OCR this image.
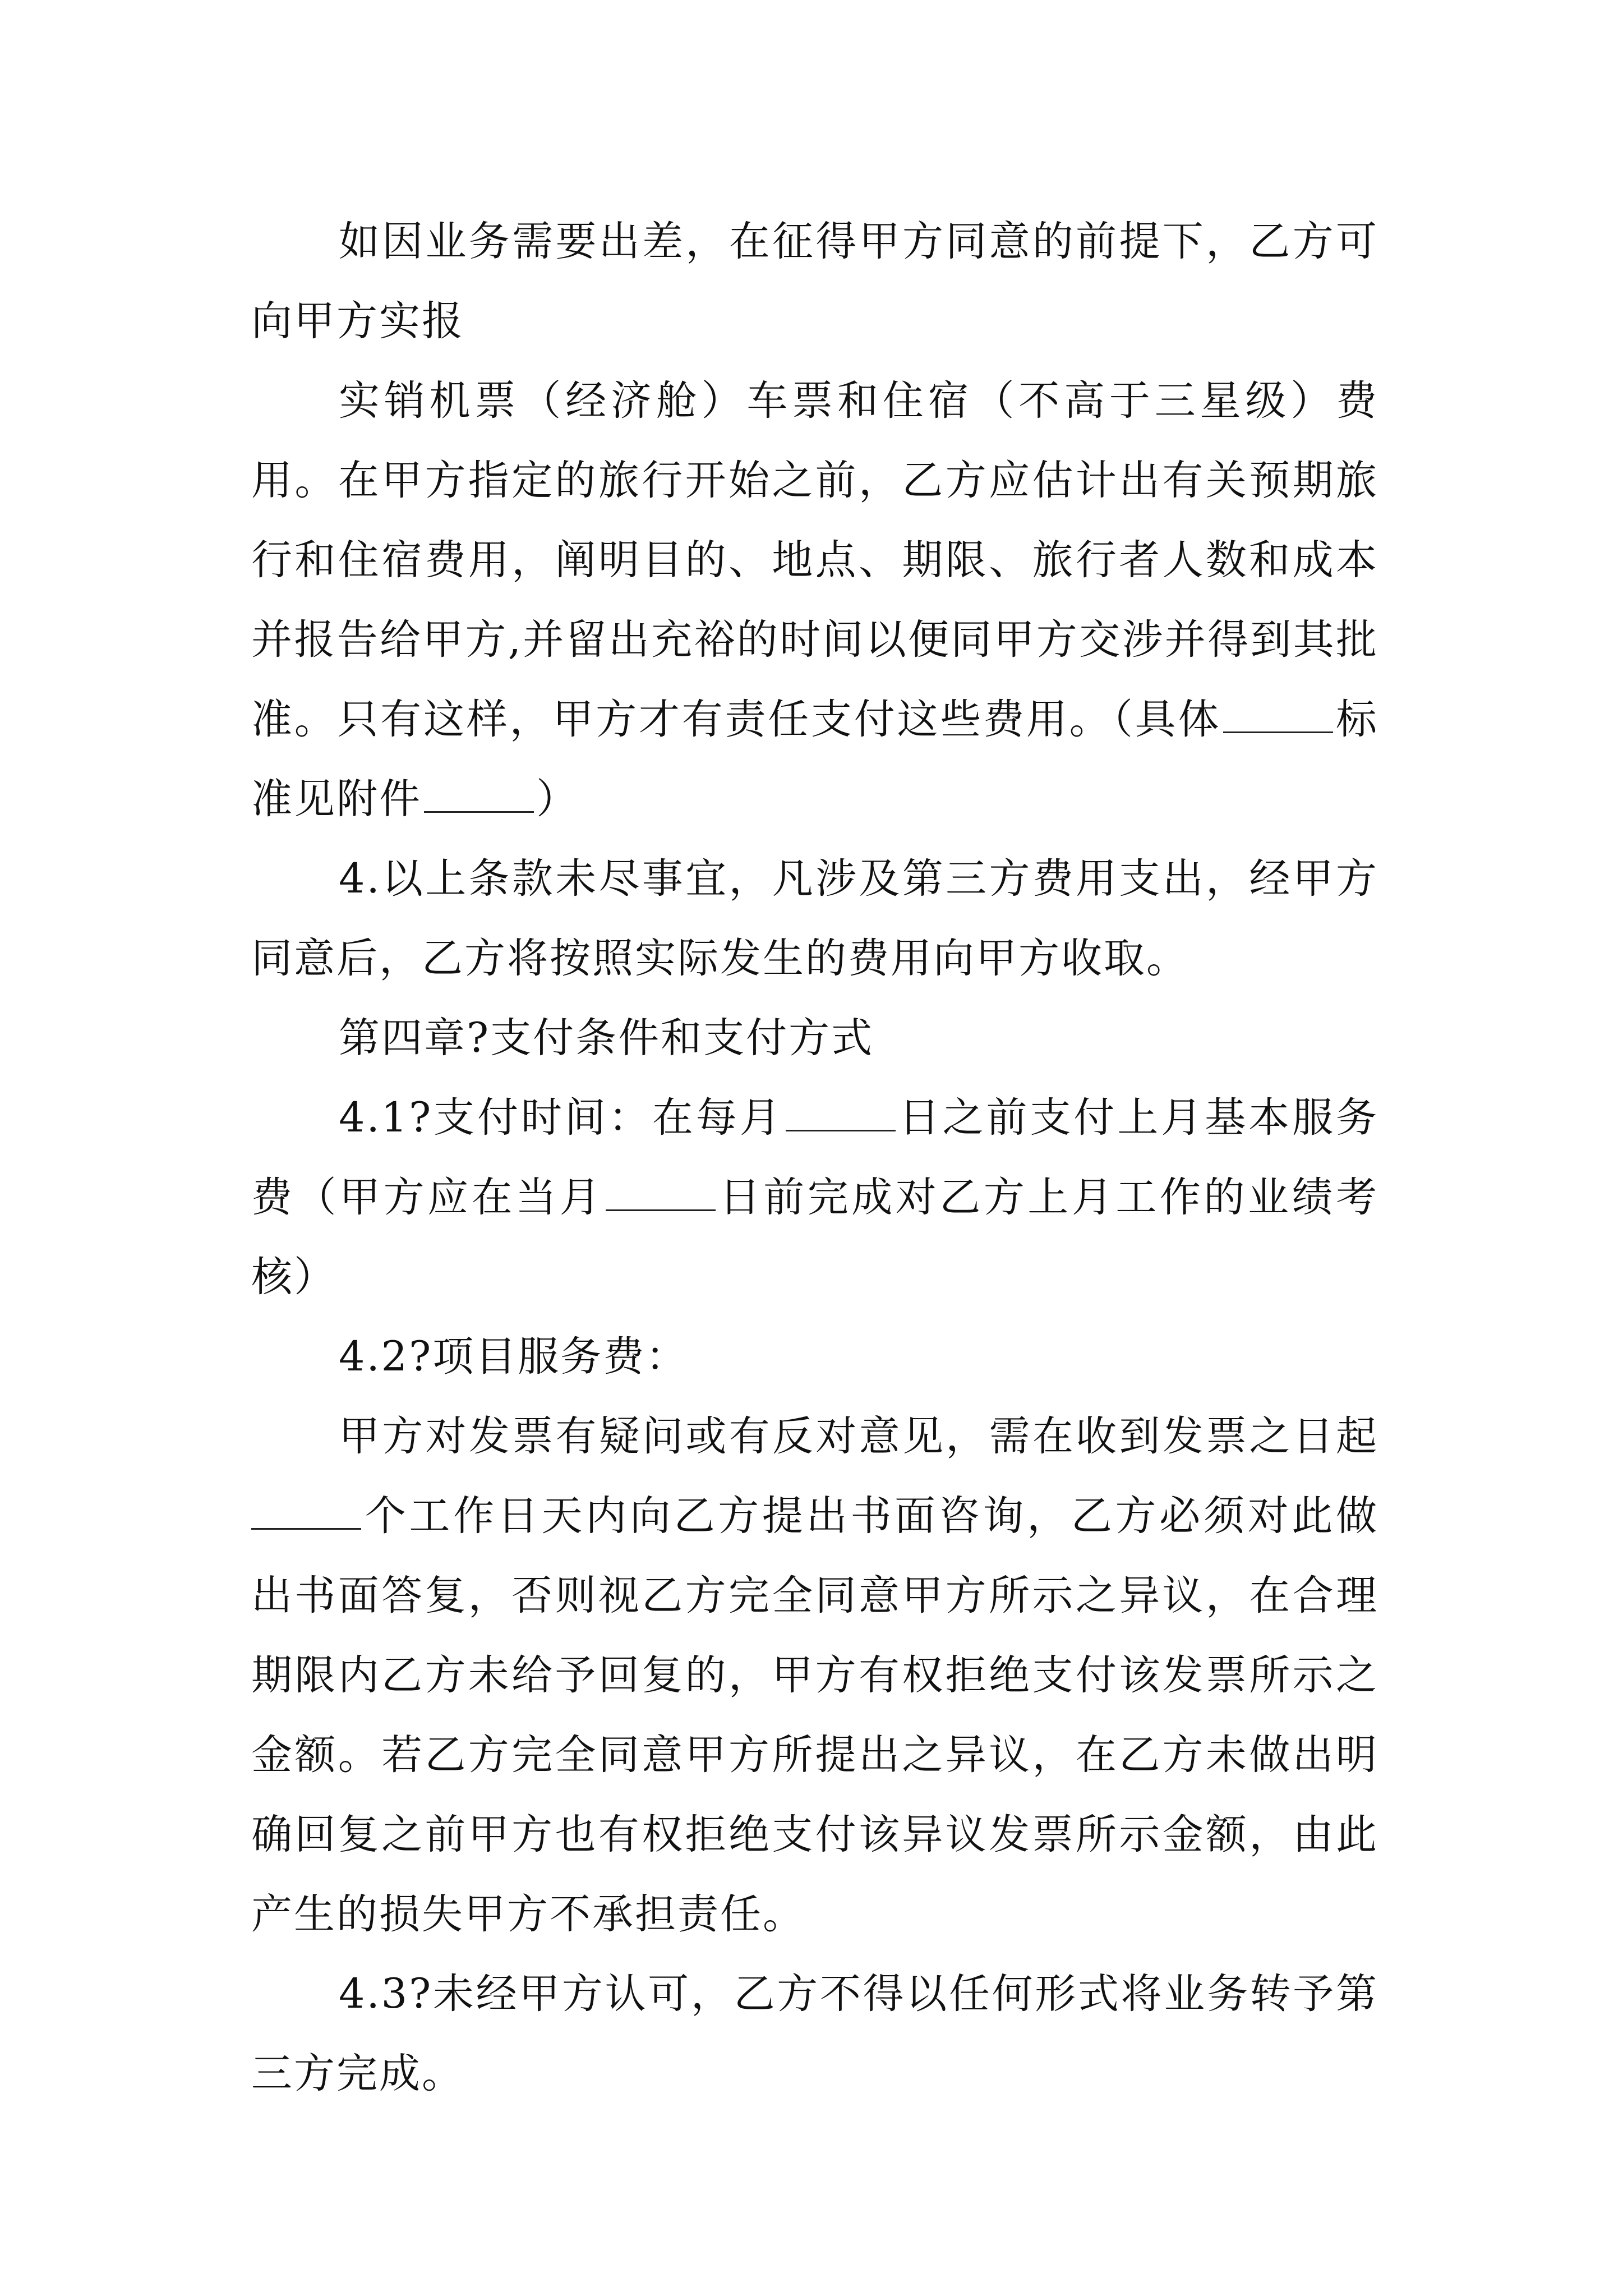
如因业务需要出差，在征得甲方同意的前提下，乙方可向甲方实报

实销机票（经济舱）车票和住宿（不高于三星级）费用。在甲方指定的旅行开始之前，乙方应估计出有关预期旅行和住宿费用，阐明目的、地点、期限、旅行者人数和成本并报告给甲方,并留出充裕的时间以便同甲方交涉并得到其批准。只有这样，甲方才有责任支付这些费用。（具体	标准见附件	）

4.以上条款未尽事宜，凡涉及第三方费用支出，经甲方同意后，乙方将按照实际发生的费用向甲方收取。

第四章?支付条件和支付方式

4.1?支付时间：在每月	日之前支付上月基本服务费（甲方应在当月	日前完成对乙方上月工作的业绩考核）

4.2?项目服务费：

甲方对发票有疑问或有反对意见，需在收到发票之日起个工作日天内向乙方提出书面咨询，乙方必须对此做出书面答复，否则视乙方完全同意甲方所示之异议，在合理期限内乙方未给予回复的，甲方有权拒绝支付该发票所示之金额。若乙方完全同意甲方所提出之异议，在乙方未做出明确回复之前甲方也有权拒绝支付该异议发票所示金额，由此产生的损失甲方不承担责任。

4.3?未经甲方认可，乙方不得以任何形式将业务转予第三方完成。
